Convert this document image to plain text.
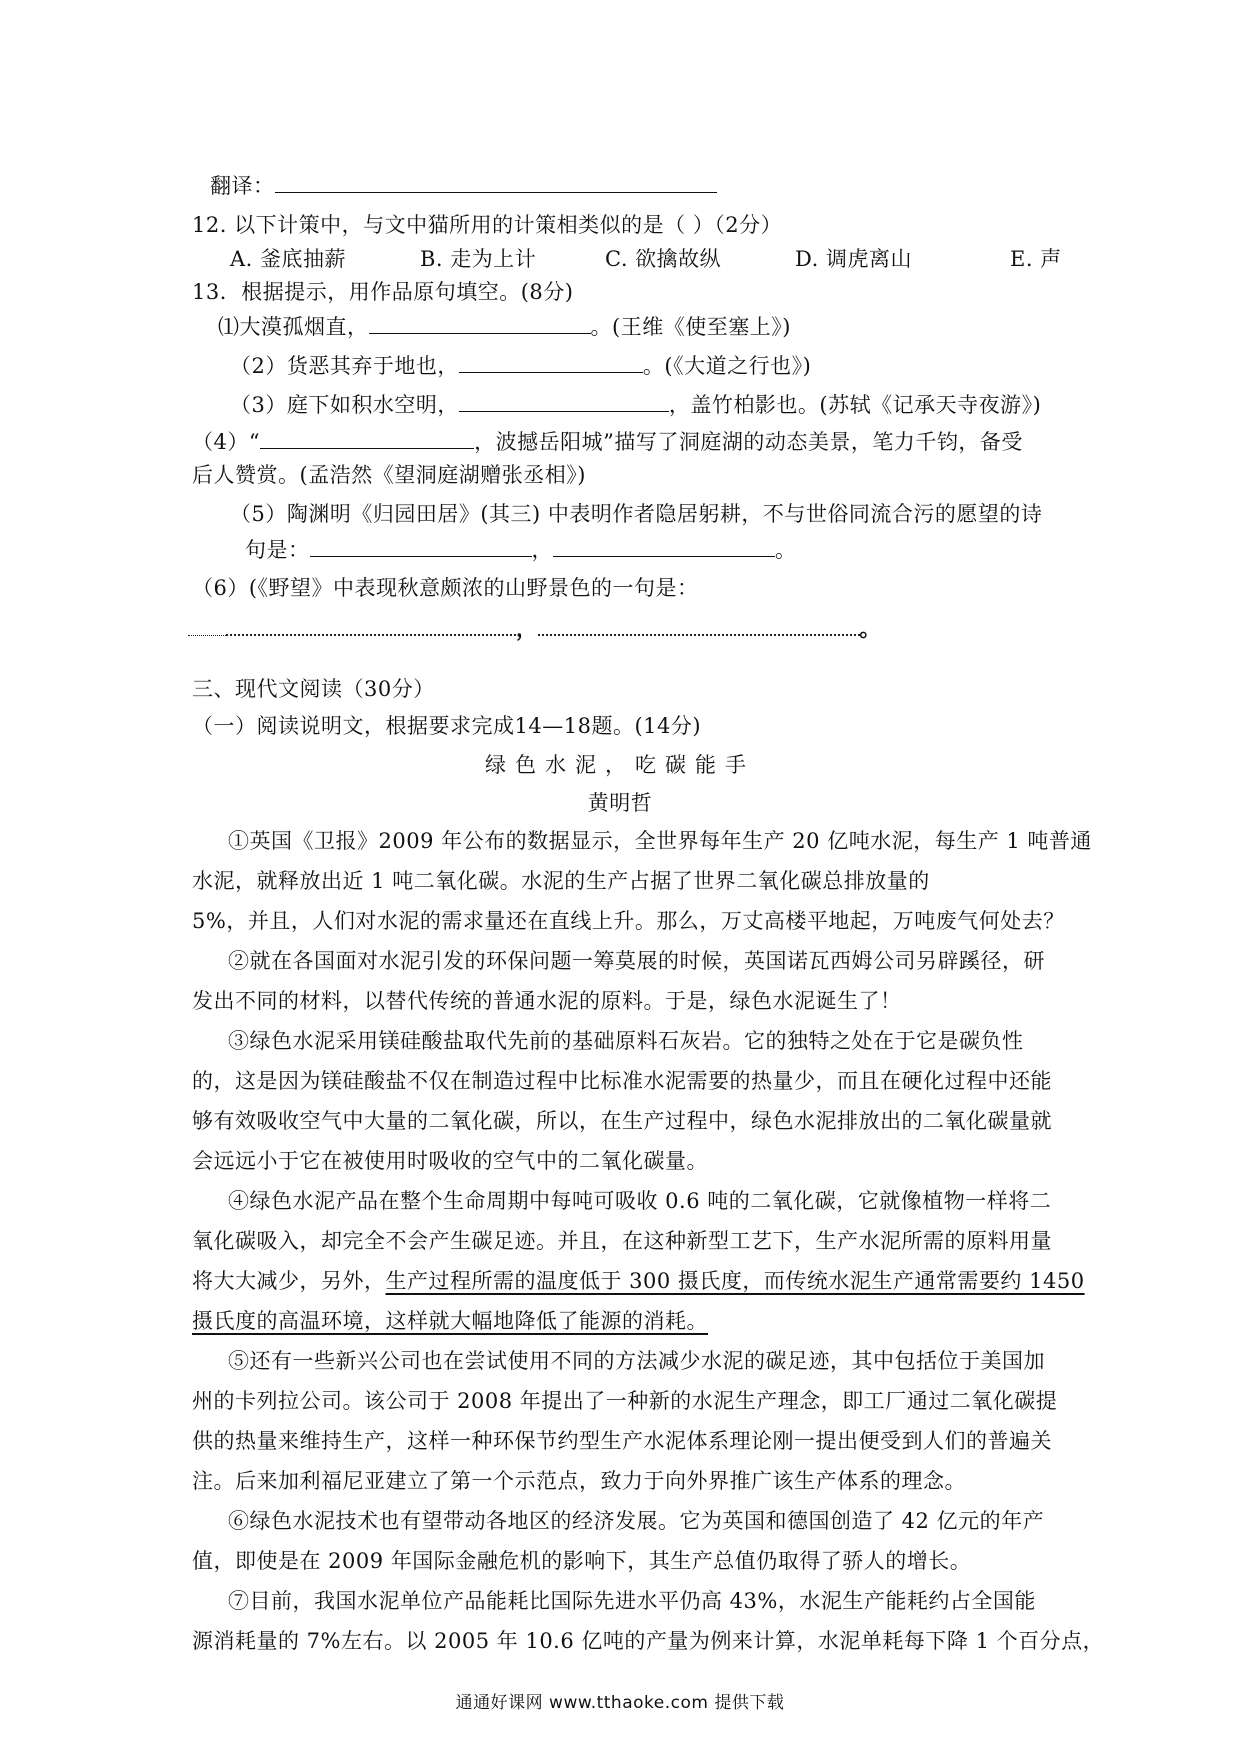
翻译：
12. 以下计策中，与文中猫所用的计策相类似的是（ ）（2分）
A. 釜底抽薪	B. 走为上计	C. 欲擒故纵	D. 调虎离山	E. 声
13．根据提示，用作品原句填空。(8分)
⑴大漠孤烟直，	。(王维《使至塞上》)
（2）货恶其弃于地也，	。(《大道之行也》)
（3）庭下如积水空明，	，盖竹柏影也。(苏轼《记承天寺夜游》)
（4）“	，波撼岳阳城”描写了洞庭湖的动态美景，笔力千钧，备受
后人赞赏。(孟浩然《望洞庭湖赠张丞相》)
（5）陶渊明《归园田居》(其三) 中表明作者隐居躬耕，不与世俗同流合污的愿望的诗
句是：	，	。
（6）(《野望》中表现秋意颇浓的山野景色的一句是：
，	。
三、现代文阅读（30分）
（一）阅读说明文，根据要求完成14—18题。(14分)
绿色水泥，吃碳能手
黄明哲
①英国《卫报》2009 年公布的数据显示，全世界每年生产 20 亿吨水泥，每生产 1 吨普通
水泥，就释放出近 1 吨二氧化碳。水泥的生产占据了世界二氧化碳总排放量的
5%，并且，人们对水泥的需求量还在直线上升。那么，万丈高楼平地起，万吨废气何处去？
②就在各国面对水泥引发的环保问题一筹莫展的时候，英国诺瓦西姆公司另辟蹊径，研
发出不同的材料，以替代传统的普通水泥的原料。于是，绿色水泥诞生了！
③绿色水泥采用镁硅酸盐取代先前的基础原料石灰岩。它的独特之处在于它是碳负性
的，这是因为镁硅酸盐不仅在制造过程中比标准水泥需要的热量少，而且在硬化过程中还能
够有效吸收空气中大量的二氧化碳，所以，在生产过程中，绿色水泥排放出的二氧化碳量就
会远远小于它在被使用时吸收的空气中的二氧化碳量。
④绿色水泥产品在整个生命周期中每吨可吸收 0.6 吨的二氧化碳，它就像植物一样将二
氧化碳吸入，却完全不会产生碳足迹。并且，在这种新型工艺下，生产水泥所需的原料用量
将大大减少，另外，生产过程所需的温度低于 300 摄氏度，而传统水泥生产通常需要约 1450
摄氏度的高温环境，这样就大幅地降低了能源的消耗。
⑤还有一些新兴公司也在尝试使用不同的方法减少水泥的碳足迹，其中包括位于美国加
州的卡列拉公司。该公司于 2008 年提出了一种新的水泥生产理念，即工厂通过二氧化碳提
供的热量来维持生产，这样一种环保节约型生产水泥体系理论刚一提出便受到人们的普遍关
注。后来加利福尼亚建立了第一个示范点，致力于向外界推广该生产体系的理念。
⑥绿色水泥技术也有望带动各地区的经济发展。它为英国和德国创造了 42 亿元的年产
值，即使是在 2009 年国际金融危机的影响下，其生产总值仍取得了骄人的增长。
⑦目前，我国水泥单位产品能耗比国际先进水平仍高 43%，水泥生产能耗约占全国能
源消耗量的 7%左右。以 2005 年 10.6 亿吨的产量为例来计算，水泥单耗每下降 1 个百分点，
通通好课网 www.tthaoke.com 提供下载
